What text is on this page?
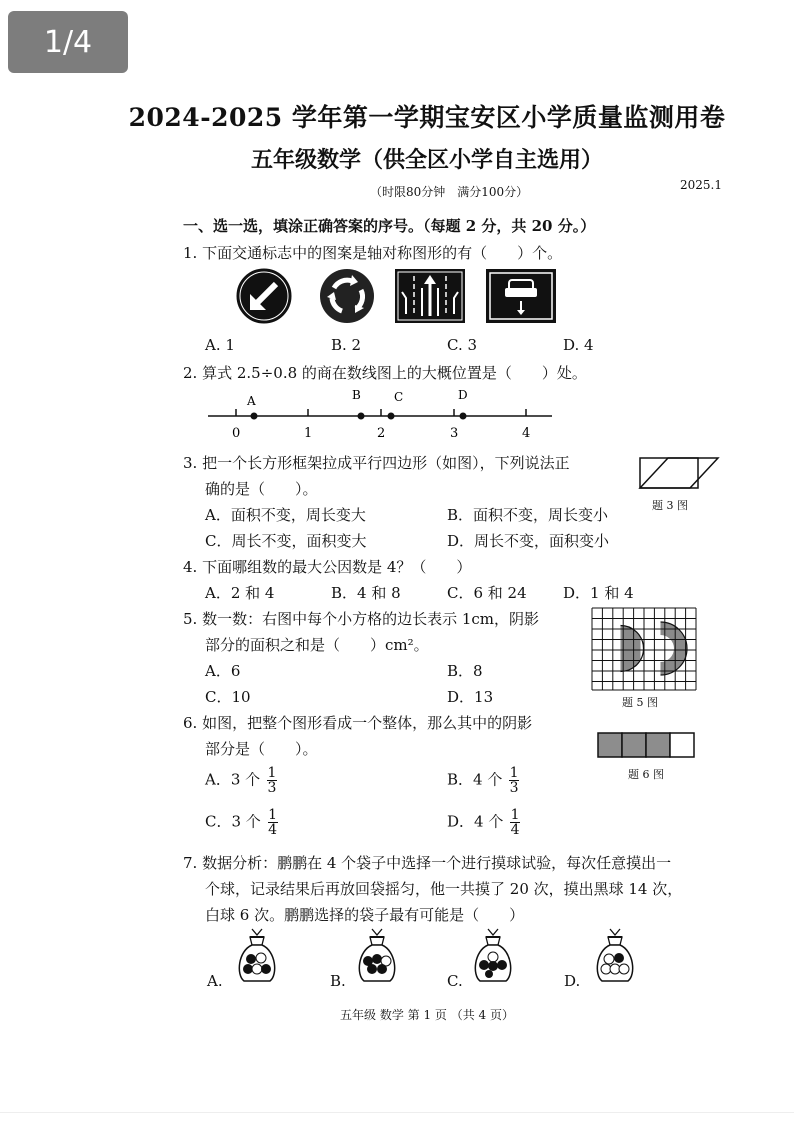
1/4
2024-2025 学年第一学期宝安区小学质量监测用卷
五年级数学（供全区小学自主选用）
（时限80分钟　满分100分）	2025.1
一、选一选，填涂正确答案的序号。（每题 2 分，共 20 分。）
1. 下面交通标志中的图案是轴对称图形的有（　　）个。
A. 1	B. 2	C. 3	D. 4
2. 算式 2.5÷0.8 的商在数线图上的大概位置是（　　）处。
A	B	C	D
0	1	2	3	4
3. 把一个长方形框架拉成平行四边形（如图），下列说法正
确的是（　　）。
A．面积不变，周长变大	B．面积不变，周长变小
C．周长不变，面积变大	D．周长不变，面积变小
题 3 图
4. 下面哪组数的最大公因数是 4？（　　）
A．2 和 4	B．4 和 8	C．6 和 24 D．1 和 4
5. 数一数：右图中每个小方格的边长表示 1cm，阴影
部分的面积之和是（　　）cm²。
A．6	B．8
C．10	D．13	题 5 图
6. 如图，把整个图形看成一个整体，那么其中的阴影
部分是（　　）。
题 6 图
A．3 个 $\frac{1}{3}$	B．4 个 $\frac{1}{3}$
C．3 个 $\frac{1}{4}$	D．4 个 $\frac{1}{4}$
7. 数据分析：鹏鹏在 4 个袋子中选择一个进行摸球试验，每次任意摸出一
个球，记录结果后再放回袋摇匀，他一共摸了 20 次，摸出黑球 14 次，
白球 6 次。鹏鹏选择的袋子最有可能是（　　）
A.	B.	C.	D.
五年级 数学 第 1 页 （共 4 页）
